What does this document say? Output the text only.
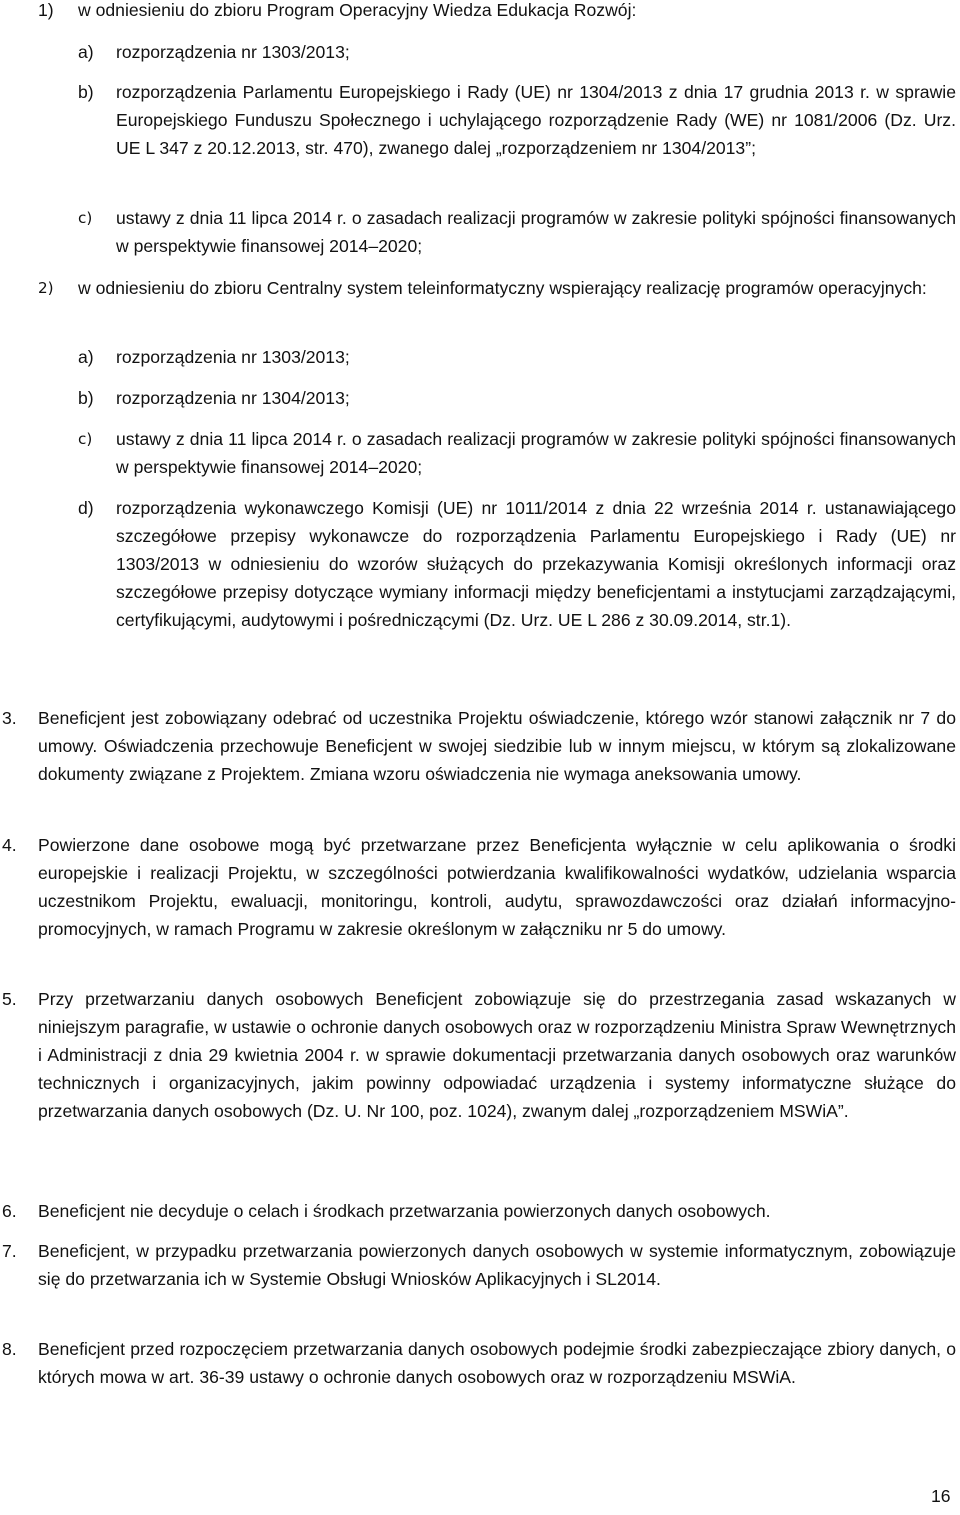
1) w odniesieniu do zbioru Program Operacyjny Wiedza Edukacja Rozwój:

a) rozporządzenia nr 1303/2013;

b) rozporządzenia Parlamentu Europejskiego i Rady (UE) nr 1304/2013 z dnia 17 grudnia 2013 r. w sprawie Europejskiego Funduszu Społecznego i uchylającego rozporządzenie Rady (WE) nr 1081/2006 (Dz. Urz. UE L 347 z 20.12.2013, str. 470), zwanego dalej „rozporządzeniem nr 1304/2013”;

c) ustawy z dnia 11 lipca 2014 r. o zasadach realizacji programów w zakresie polityki spójności finansowanych w perspektywie finansowej 2014–2020;

2) w odniesieniu do zbioru Centralny system teleinformatyczny wspierający realizację programów operacyjnych:

a) rozporządzenia nr 1303/2013;

b) rozporządzenia nr 1304/2013;

c) ustawy z dnia 11 lipca 2014 r. o zasadach realizacji programów w zakresie polityki spójności finansowanych w perspektywie finansowej 2014–2020;

d) rozporządzenia wykonawczego Komisji (UE) nr 1011/2014 z dnia 22 września 2014 r. ustanawiającego szczegółowe przepisy wykonawcze do rozporządzenia Parlamentu Europejskiego i Rady (UE) nr 1303/2013 w odniesieniu do wzorów służących do przekazywania Komisji określonych informacji oraz szczegółowe przepisy dotyczące wymiany informacji między beneficjentami a instytucjami zarządzającymi, certyfikującymi, audytowymi i pośredniczącymi (Dz. Urz. UE L 286 z 30.09.2014, str.1).

3. Beneficjent jest zobowiązany odebrać od uczestnika Projektu oświadczenie, którego wzór stanowi załącznik nr 7 do umowy. Oświadczenia przechowuje Beneficjent w swojej siedzibie lub w innym miejscu, w którym są zlokalizowane dokumenty związane z Projektem. Zmiana wzoru oświadczenia nie wymaga aneksowania umowy.

4. Powierzone dane osobowe mogą być przetwarzane przez Beneficjenta wyłącznie w celu aplikowania o środki europejskie i realizacji Projektu, w szczególności potwierdzania kwalifikowalności wydatków, udzielania wsparcia uczestnikom Projektu, ewaluacji, monitoringu, kontroli, audytu, sprawozdawczości oraz działań informacyjno-promocyjnych, w ramach Programu w zakresie określonym w załączniku nr 5 do umowy.

5. Przy przetwarzaniu danych osobowych Beneficjent zobowiązuje się do przestrzegania zasad wskazanych w niniejszym paragrafie, w ustawie o ochronie danych osobowych oraz w rozporządzeniu Ministra Spraw Wewnętrznych i Administracji z dnia 29 kwietnia 2004 r. w sprawie dokumentacji przetwarzania danych osobowych oraz warunków technicznych i organizacyjnych, jakim powinny odpowiadać urządzenia i systemy informatyczne służące do przetwarzania danych osobowych (Dz. U. Nr 100, poz. 1024), zwanym dalej „rozporządzeniem MSWiA”.

6. Beneficjent nie decyduje o celach i środkach przetwarzania powierzonych danych osobowych.

7. Beneficjent, w przypadku przetwarzania powierzonych danych osobowych w systemie informatycznym, zobowiązuje się do przetwarzania ich w Systemie Obsługi Wniosków Aplikacyjnych i SL2014.

8. Beneficjent przed rozpoczęciem przetwarzania danych osobowych podejmie środki zabezpieczające zbiory danych, o których mowa w art. 36-39 ustawy o ochronie danych osobowych oraz w rozporządzeniu MSWiA.

16
